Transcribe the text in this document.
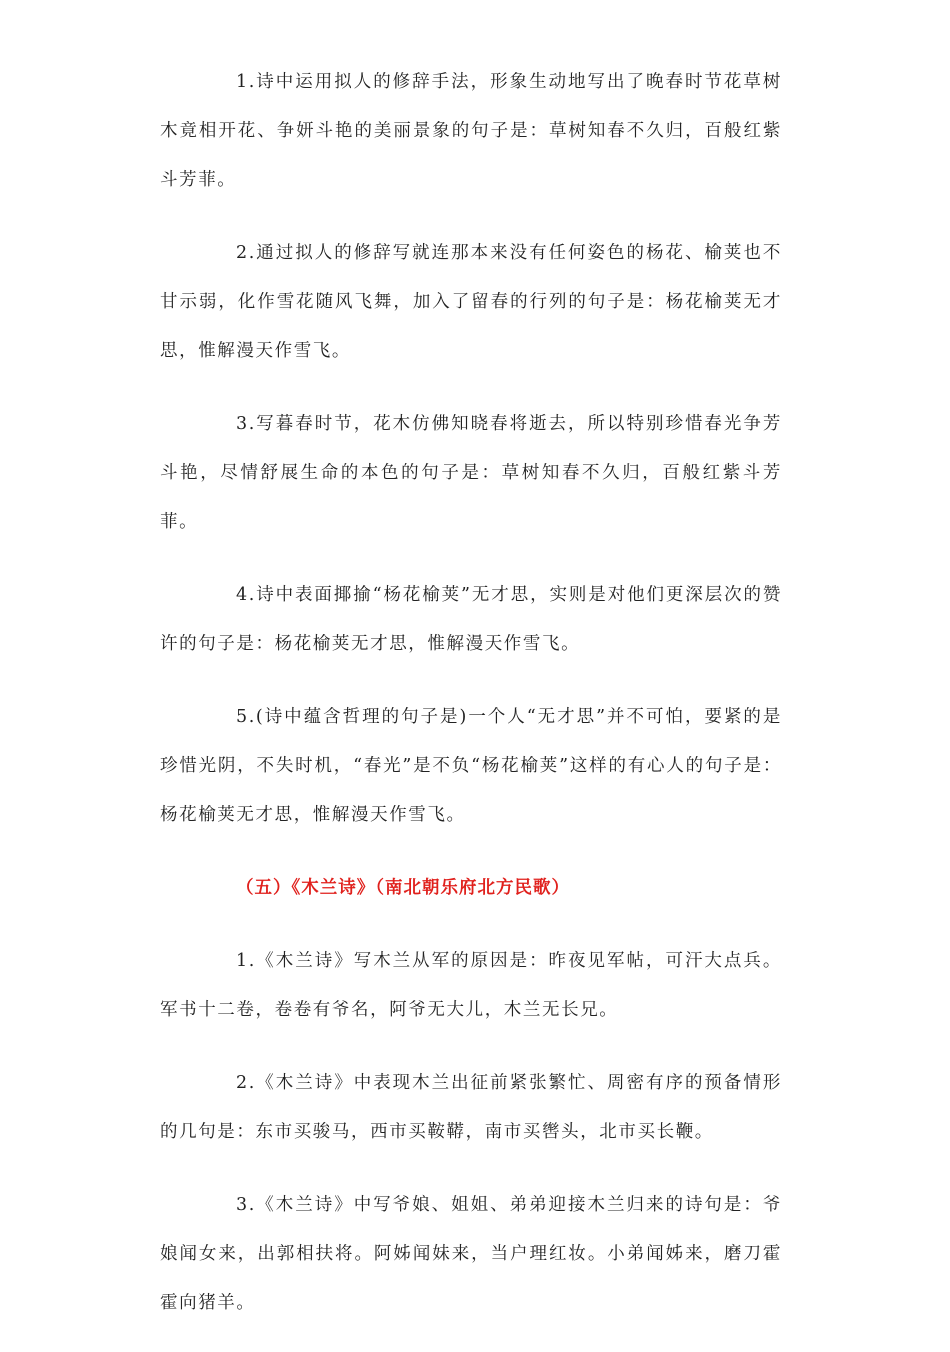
1.诗中运用拟人的修辞手法，形象生动地写出了晚春时节花草树木竟相开花、争妍斗艳的美丽景象的句子是：草树知春不久归，百般红紫斗芳菲。

2.通过拟人的修辞写就连那本来没有任何姿色的杨花、榆荚也不甘示弱，化作雪花随风飞舞，加入了留春的行列的句子是：杨花榆荚无才思，惟解漫天作雪飞。

3.写暮春时节，花木仿佛知晓春将逝去，所以特别珍惜春光争芳斗艳，尽情舒展生命的本色的句子是：草树知春不久归，百般红紫斗芳菲。

4.诗中表面揶揄“杨花榆荚”无才思，实则是对他们更深层次的赞许的句子是：杨花榆荚无才思，惟解漫天作雪飞。

5.(诗中蕴含哲理的句子是)一个人“无才思”并不可怕，要紧的是珍惜光阴，不失时机，“春光”是不负“杨花榆荚”这样的有心人的句子是：杨花榆荚无才思，惟解漫天作雪飞。

（五）《木兰诗》（南北朝乐府北方民歌）

1.《木兰诗》写木兰从军的原因是：昨夜见军帖，可汗大点兵。军书十二卷，卷卷有爷名，阿爷无大儿，木兰无长兄。

2.《木兰诗》中表现木兰出征前紧张繁忙、周密有序的预备情形的几句是：东市买骏马，西市买鞍鞯，南市买辔头，北市买长鞭。

3.《木兰诗》中写爷娘、姐姐、弟弟迎接木兰归来的诗句是：爷娘闻女来，出郭相扶将。阿姊闻妹来，当户理红妆。小弟闻姊来，磨刀霍霍向猪羊。
